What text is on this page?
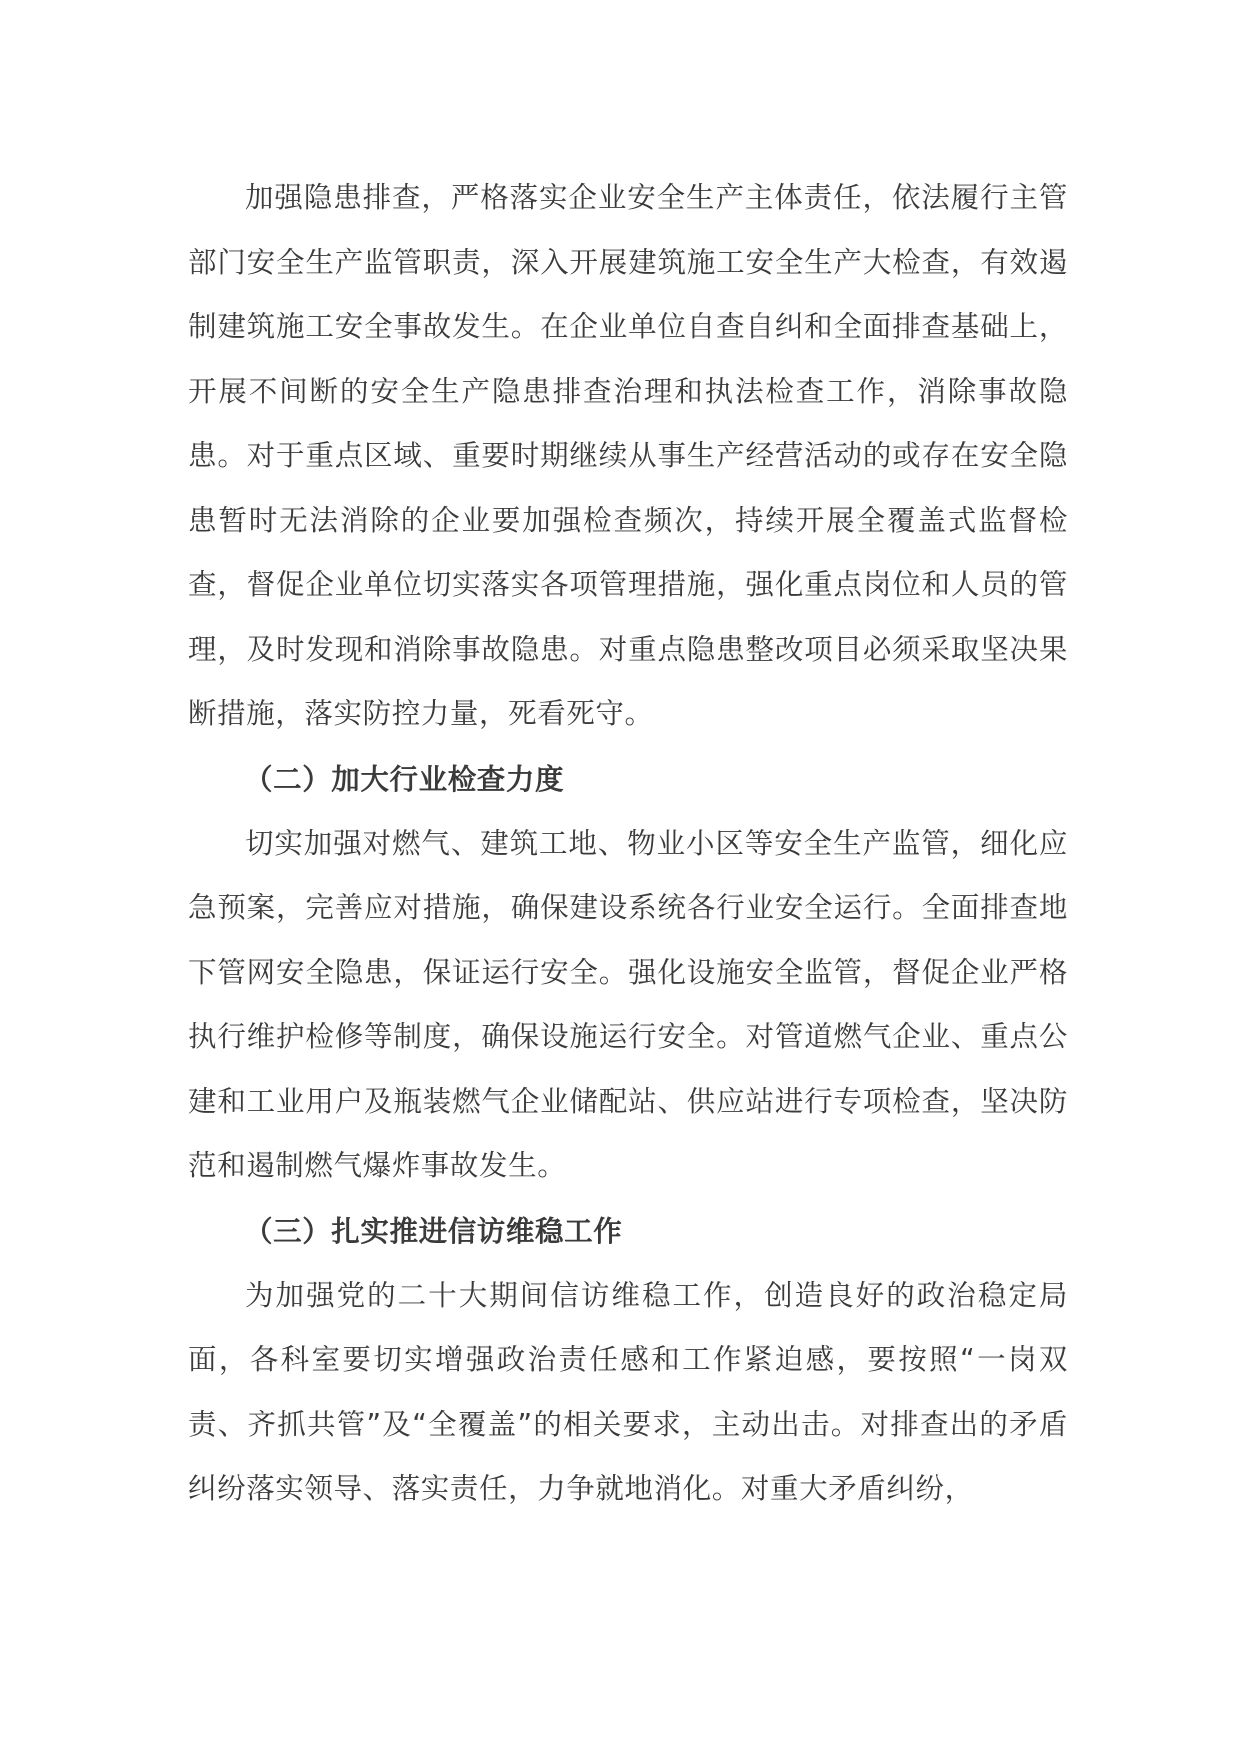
加强隐患排查，严格落实企业安全生产主体责任，依法履行主管部门安全生产监管职责，深入开展建筑施工安全生产大检查，有效遏制建筑施工安全事故发生。在企业单位自查自纠和全面排查基础上，开展不间断的安全生产隐患排查治理和执法检查工作，消除事故隐患。对于重点区域、重要时期继续从事生产经营活动的或存在安全隐患暂时无法消除的企业要加强检查频次，持续开展全覆盖式监督检查，督促企业单位切实落实各项管理措施，强化重点岗位和人员的管理，及时发现和消除事故隐患。对重点隐患整改项目必须采取坚决果断措施，落实防控力量，死看死守。

（二）加大行业检查力度

切实加强对燃气、建筑工地、物业小区等安全生产监管，细化应急预案，完善应对措施，确保建设系统各行业安全运行。全面排查地下管网安全隐患，保证运行安全。强化设施安全监管，督促企业严格执行维护检修等制度，确保设施运行安全。对管道燃气企业、重点公建和工业用户及瓶装燃气企业储配站、供应站进行专项检查，坚决防范和遏制燃气爆炸事故发生。

（三）扎实推进信访维稳工作

为加强党的二十大期间信访维稳工作，创造良好的政治稳定局面，各科室要切实增强政治责任感和工作紧迫感，要按照“一岗双责、齐抓共管”及“全覆盖”的相关要求，主动出击。对排查出的矛盾纠纷落实领导、落实责任，力争就地消化。对重大矛盾纠纷，
